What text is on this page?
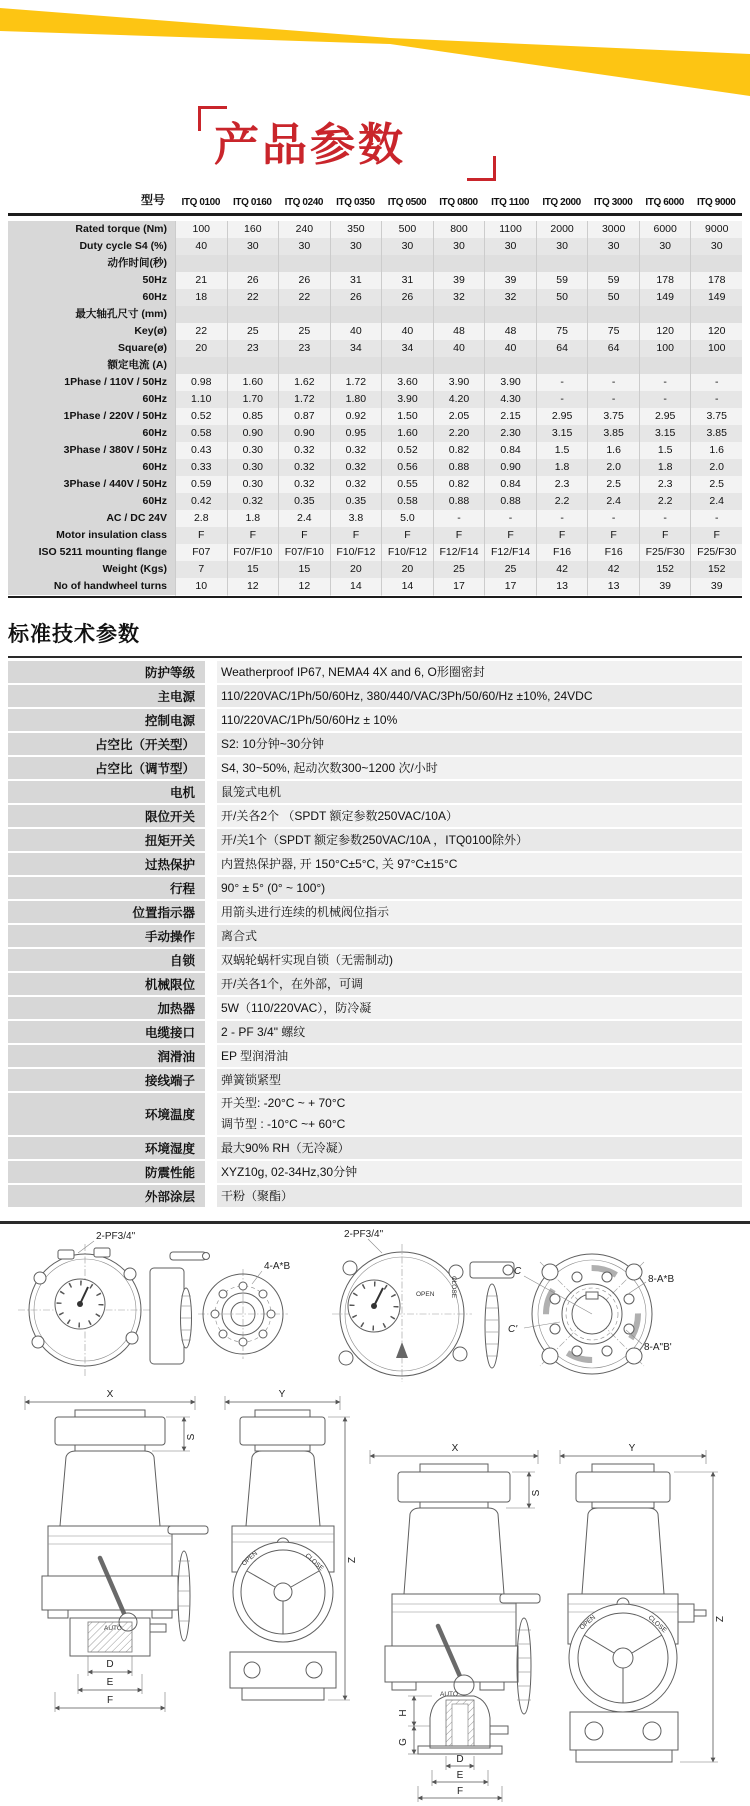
产品参数
型号	ITQ 0100	ITQ 0160	ITQ 0240	ITQ 0350	ITQ 0500	ITQ 0800	ITQ 1100	ITQ 2000	ITQ 3000	ITQ 6000	ITQ 9000
Rated torque (Nm)	100	160	240	350	500	800	1100	2000	3000	6000	9000
Duty cycle S4 (%)	40	30	30	30	30	30	30	30	30	30	30
动作时间(秒)
50Hz	21	26	26	31	31	39	39	59	59	178	178
60Hz	18	22	22	26	26	32	32	50	50	149	149
最大轴孔尺寸 (mm)
Key(ø)	22	25	25	40	40	48	48	75	75	120	120
Square(ø)	20	23	23	34	34	40	40	64	64	100	100
额定电流 (A)
1Phase / 110V / 50Hz	0.98	1.60	1.62	1.72	3.60	3.90	3.90	-	-	-	-
60Hz	1.10	1.70	1.72	1.80	3.90	4.20	4.30	-	-	-	-
1Phase / 220V / 50Hz	0.52	0.85	0.87	0.92	1.50	2.05	2.15	2.95	3.75	2.95	3.75
60Hz	0.58	0.90	0.90	0.95	1.60	2.20	2.30	3.15	3.85	3.15	3.85
3Phase / 380V / 50Hz	0.43	0.30	0.32	0.32	0.52	0.82	0.84	1.5	1.6	1.5	1.6
60Hz	0.33	0.30	0.32	0.32	0.56	0.88	0.90	1.8	2.0	1.8	2.0
3Phase / 440V / 50Hz	0.59	0.30	0.32	0.32	0.55	0.82	0.84	2.3	2.5	2.3	2.5
60Hz	0.42	0.32	0.35	0.35	0.58	0.88	0.88	2.2	2.4	2.2	2.4
AC / DC 24V	2.8	1.8	2.4	3.8	5.0	-	-	-	-	-	-
Motor insulation class	F	F	F	F	F	F	F	F	F	F	F
ISO 5211 mounting flange	F07	F07/F10	F07/F10	F10/F12	F10/F12	F12/F14	F12/F14	F16	F16	F25/F30	F25/F30
Weight (Kgs)	7	15	15	20	20	25	25	42	42	152	152
No of handwheel turns	10	12	12	14	14	17	17	13	13	39	39
标准技术参数
防护等级	Weatherproof IP67, NEMA4 4X and 6, O形圈密封
主电源	110/220VAC/1Ph/50/60Hz, 380/440/VAC/3Ph/50/60/Hz ±10%, 24VDC
控制电源	110/220VAC/1Ph/50/60Hz ± 10%
占空比（开关型）	S2: 10分钟~30分钟
占空比（调节型）	S4, 30~50%, 起动次数300~1200 次/小时
电机	鼠笼式电机
限位开关	开/关各2个 （SPDT 额定参数250VAC/10A）
扭矩开关	开/关1个（SPDT 额定参数250VAC/10A ，ITQ0100除外）
过热保护	内置热保护器, 开 150°C±5°C, 关 97°C±15°C
行程	90° ± 5° (0° ~ 100°)
位置指示器	用箭头进行连续的机械阀位指示
手动操作	离合式
自锁	双蜗轮蜗杆实现自锁（无需制动)
机械限位	开/关各1个，在外部，可调
加热器	5W（110/220VAC），防冷凝
电缆接口	2 - PF 3/4" 螺纹
润滑油	EP 型润滑油
接线端子	弹簧锁紧型
环境温度
开关型: -20°C ~ + 70°C
调节型 : -10°C ~+ 60°C
环境湿度	最大90% RH（无冷凝）
防震性能	XYZ10g, 02-34Hz,30分钟
外部涂层	干粉（聚酯）
2-PF3/4"
4-A*B
OPEN CLOSE
2-PF3/4"
C
C'
8-A*B
8-A"B'
X
S
D
E
F
Y
OPEN	CLOSE Z
X
S
AUTO
H
G
D
E
F
Y
OPEN	CLOSE	Z
